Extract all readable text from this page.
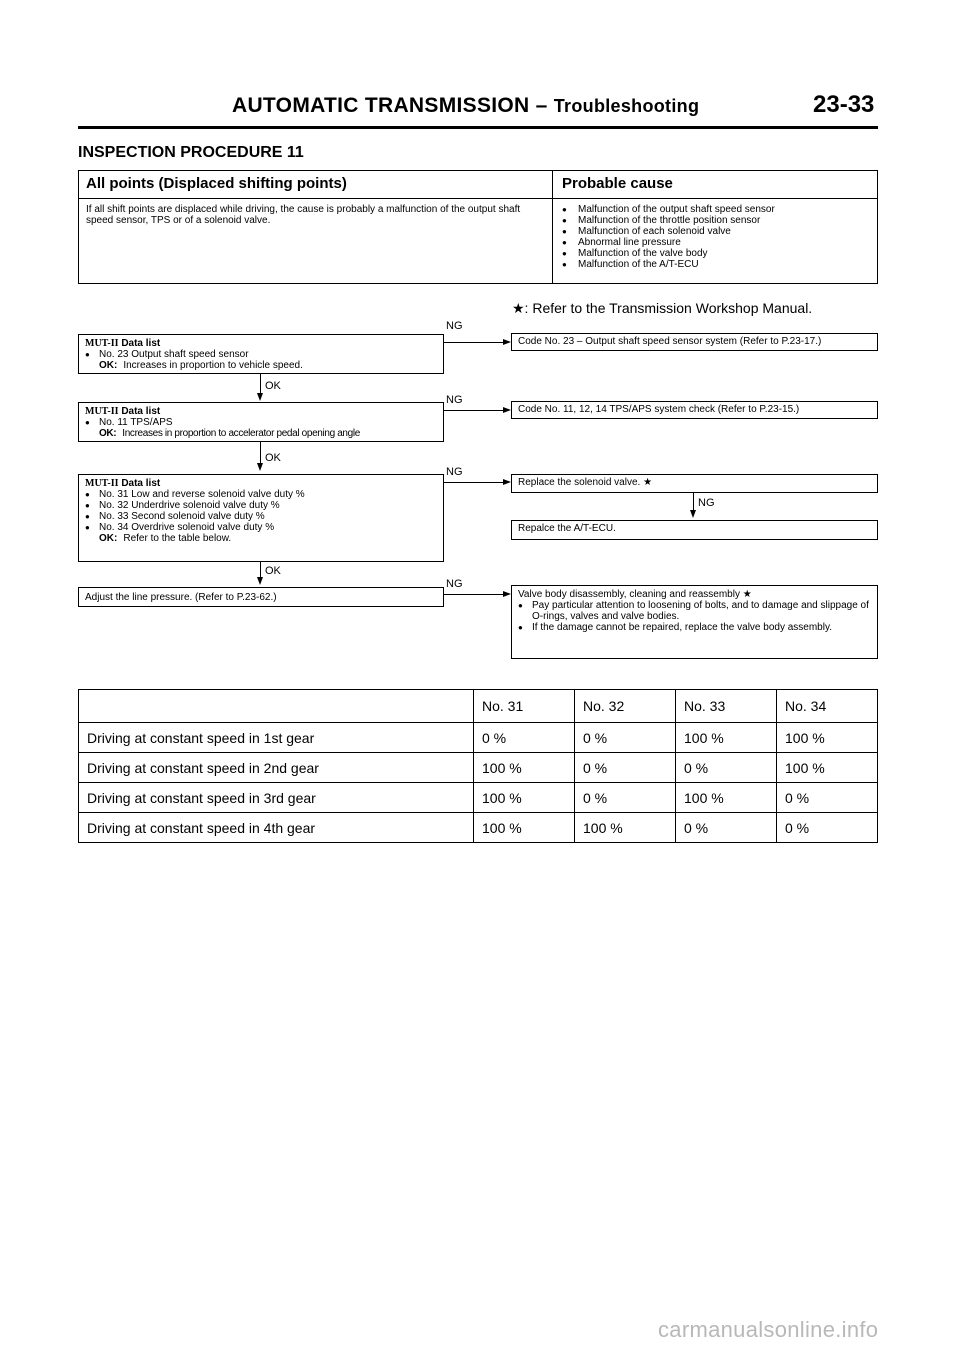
AUTOMATIC TRANSMISSION – Troubleshooting	23-33
INSPECTION PROCEDURE 11
All points (Displaced shifting points)	Probable cause
If all shift points are displaced while driving, the cause is probably a malfunction of the output shaft speed sensor, TPS or of a solenoid valve.
● Malfunction of the output shaft speed sensor
● Malfunction of the throttle position sensor
● Malfunction of each solenoid valve
● Abnormal line pressure
● Malfunction of the valve body
● Malfunction of the A/T-ECU
★: Refer to the Transmission Workshop Manual.
MUT-II Data list
● No. 23 Output shaft speed sensor
OK: Increases in proportion to vehicle speed.
NG
Code No. 23 – Output shaft speed sensor system (Refer to P.23-17.)
OK
MUT-II Data list
● No. 11 TPS/APS
OK: Increases in proportion to accelerator pedal opening angle
NG
Code No. 11, 12, 14 TPS/APS system check (Refer to P.23-15.)
OK
MUT-II Data list
● No. 31 Low and reverse solenoid valve duty %
● No. 32 Underdrive solenoid valve duty %
● No. 33 Second solenoid valve duty %
● No. 34 Overdrive solenoid valve duty %
OK: Refer to the table below.
NG
Replace the solenoid valve. ★
NG
Repalce the A/T-ECU.
OK
Adjust the line pressure. (Refer to P.23-62.)
NG
Valve body disassembly, cleaning and reassembly ★
● Pay particular attention to loosening of bolts, and to damage and slippage of O-rings, valves and valve bodies.
● If the damage cannot be repaired, replace the valve body assembly.
	No. 31	No. 32	No. 33	No. 34
Driving at constant speed in 1st gear	0 %	0 %	100 %	100 %
Driving at constant speed in 2nd gear	100 %	0 %	0 %	100 %
Driving at constant speed in 3rd gear	100 %	0 %	100 %	0 %
Driving at constant speed in 4th gear	100 %	100 %	0 %	0 %
carmanualsonline.info
